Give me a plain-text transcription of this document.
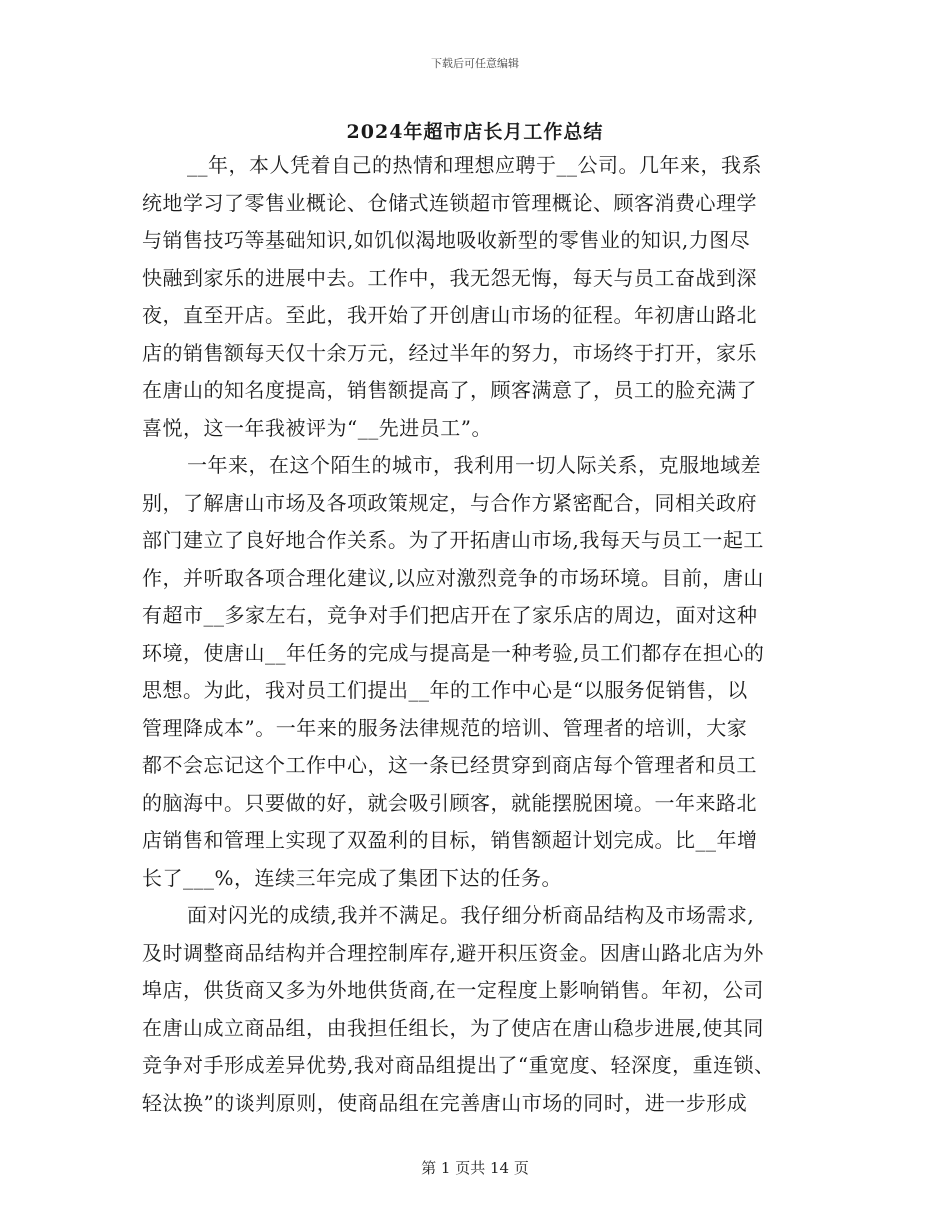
下载后可任意编辑
2024年超市店长月工作总结
__年，本人凭着自己的热情和理想应聘于__公司。几年来，我系
统地学习了零售业概论、仓储式连锁超市管理概论、顾客消费心理学
与销售技巧等基础知识,如饥似渴地吸收新型的零售业的知识,力图尽
快融到家乐的进展中去。工作中，我无怨无悔，每天与员工奋战到深
夜，直至开店。至此，我开始了开创唐山市场的征程。年初唐山路北
店的销售额每天仅十余万元，经过半年的努力，市场终于打开，家乐
在唐山的知名度提高，销售额提高了，顾客满意了，员工的脸充满了
喜悦，这一年我被评为“__先进员工”。
一年来，在这个陌生的城市，我利用一切人际关系，克服地域差
别，了解唐山市场及各项政策规定，与合作方紧密配合，同相关政府
部门建立了良好地合作关系。为了开拓唐山市场,我每天与员工一起工
作，并听取各项合理化建议,以应对激烈竞争的市场环境。目前，唐山
有超市__多家左右，竞争对手们把店开在了家乐店的周边，面对这种
环境，使唐山__年任务的完成与提高是一种考验,员工们都存在担心的
思想。为此，我对员工们提出__年的工作中心是“以服务促销售，以
管理降成本”。一年来的服务法律规范的培训、管理者的培训，大家
都不会忘记这个工作中心，这一条已经贯穿到商店每个管理者和员工
的脑海中。只要做的好，就会吸引顾客，就能摆脱困境。一年来路北
店销售和管理上实现了双盈利的目标，销售额超计划完成。比__年增
长了___%，连续三年完成了集团下达的任务。
面对闪光的成绩,我并不满足。我仔细分析商品结构及市场需求,
及时调整商品结构并合理控制库存,避开积压资金。因唐山路北店为外
埠店，供货商又多为外地供货商,在一定程度上影响销售。年初，公司
在唐山成立商品组，由我担任组长，为了使店在唐山稳步进展,使其同
竞争对手形成差异优势,我对商品组提出了“重宽度、轻深度，重连锁、
轻汰换”的谈判原则，使商品组在完善唐山市场的同时，进一步形成
第 1 页共 14 页
